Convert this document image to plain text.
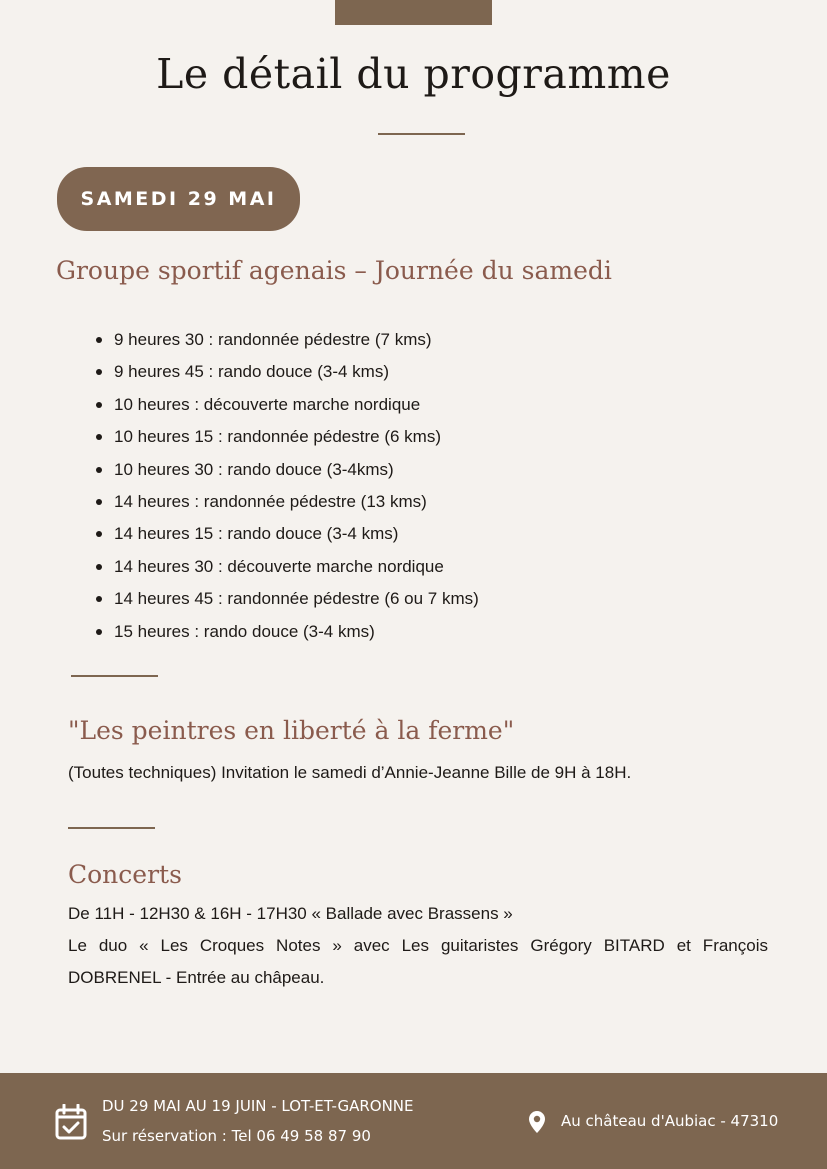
Le détail du programme
SAMEDI 29 MAI
Groupe sportif agenais – Journée du samedi
9 heures 30 : randonnée pédestre (7 kms)
9 heures 45 : rando douce (3-4 kms)
10 heures : découverte marche nordique
10 heures 15 : randonnée pédestre (6 kms)
10 heures 30 : rando douce (3-4kms)
14 heures : randonnée pédestre (13 kms)
14 heures 15 : rando douce (3-4 kms)
14 heures 30 : découverte marche nordique
14 heures 45 : randonnée pédestre (6 ou 7 kms)
15 heures : rando douce (3-4 kms)
"Les peintres en liberté à la ferme"

(Toutes techniques) Invitation le samedi d’Annie-Jeanne Bille de 9H à 18H.

Concerts

De 11H - 12H30 & 16H - 17H30 « Ballade avec Brassens »

Le duo « Les Croques Notes » avec Les guitaristes Grégory BITARD et François DOBRENEL - Entrée au châpeau.

DU 29 MAI AU 19 JUIN - LOT-ET-GARONNE
Sur réservation : Tel 06 49 58 87 90
Au château d'Aubiac - 47310
